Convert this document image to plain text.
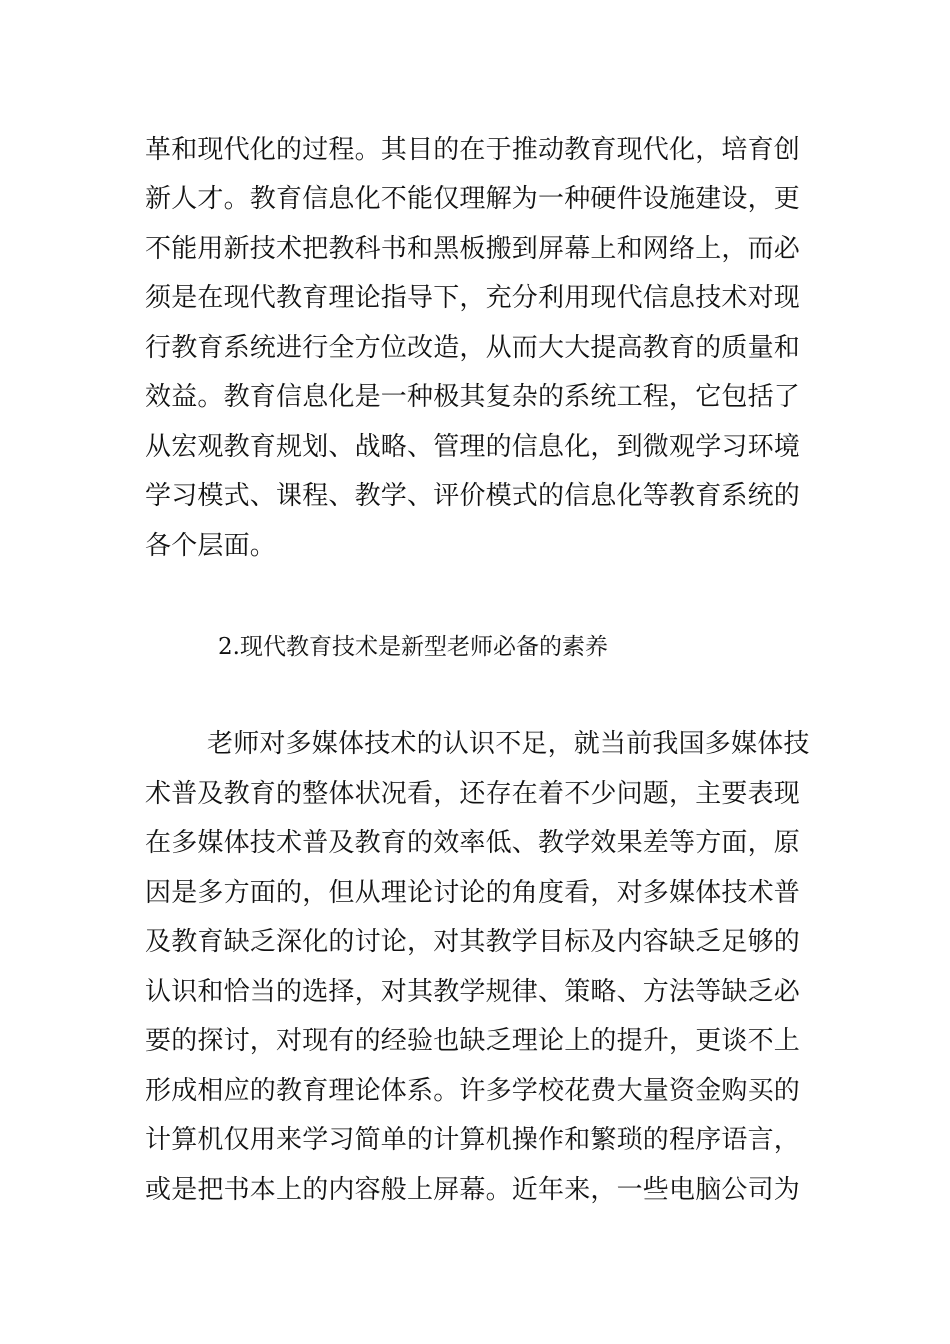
革和现代化的过程。其目的在于推动教育现代化，培育创
新人才。教育信息化不能仅理解为一种硬件设施建设，更
不能用新技术把教科书和黑板搬到屏幕上和网络上，而必
须是在现代教育理论指导下，充分利用现代信息技术对现
行教育系统进行全方位改造，从而大大提高教育的质量和
效益。教育信息化是一种极其复杂的系统工程，它包括了
从宏观教育规划、战略、管理的信息化，到微观学习环境
学习模式、课程、教学、评价模式的信息化等教育系统的
各个层面。
2.现代教育技术是新型老师必备的素养
老师对多媒体技术的认识不足，就当前我国多媒体技
术普及教育的整体状况看，还存在着不少问题，主要表现
在多媒体技术普及教育的效率低、教学效果差等方面，原
因是多方面的，但从理论讨论的角度看，对多媒体技术普
及教育缺乏深化的讨论，对其教学目标及内容缺乏足够的
认识和恰当的选择，对其教学规律、策略、方法等缺乏必
要的探讨，对现有的经验也缺乏理论上的提升，更谈不上
形成相应的教育理论体系。许多学校花费大量资金购买的
计算机仅用来学习简单的计算机操作和繁琐的程序语言，
或是把书本上的内容般上屏幕。近年来，一些电脑公司为
